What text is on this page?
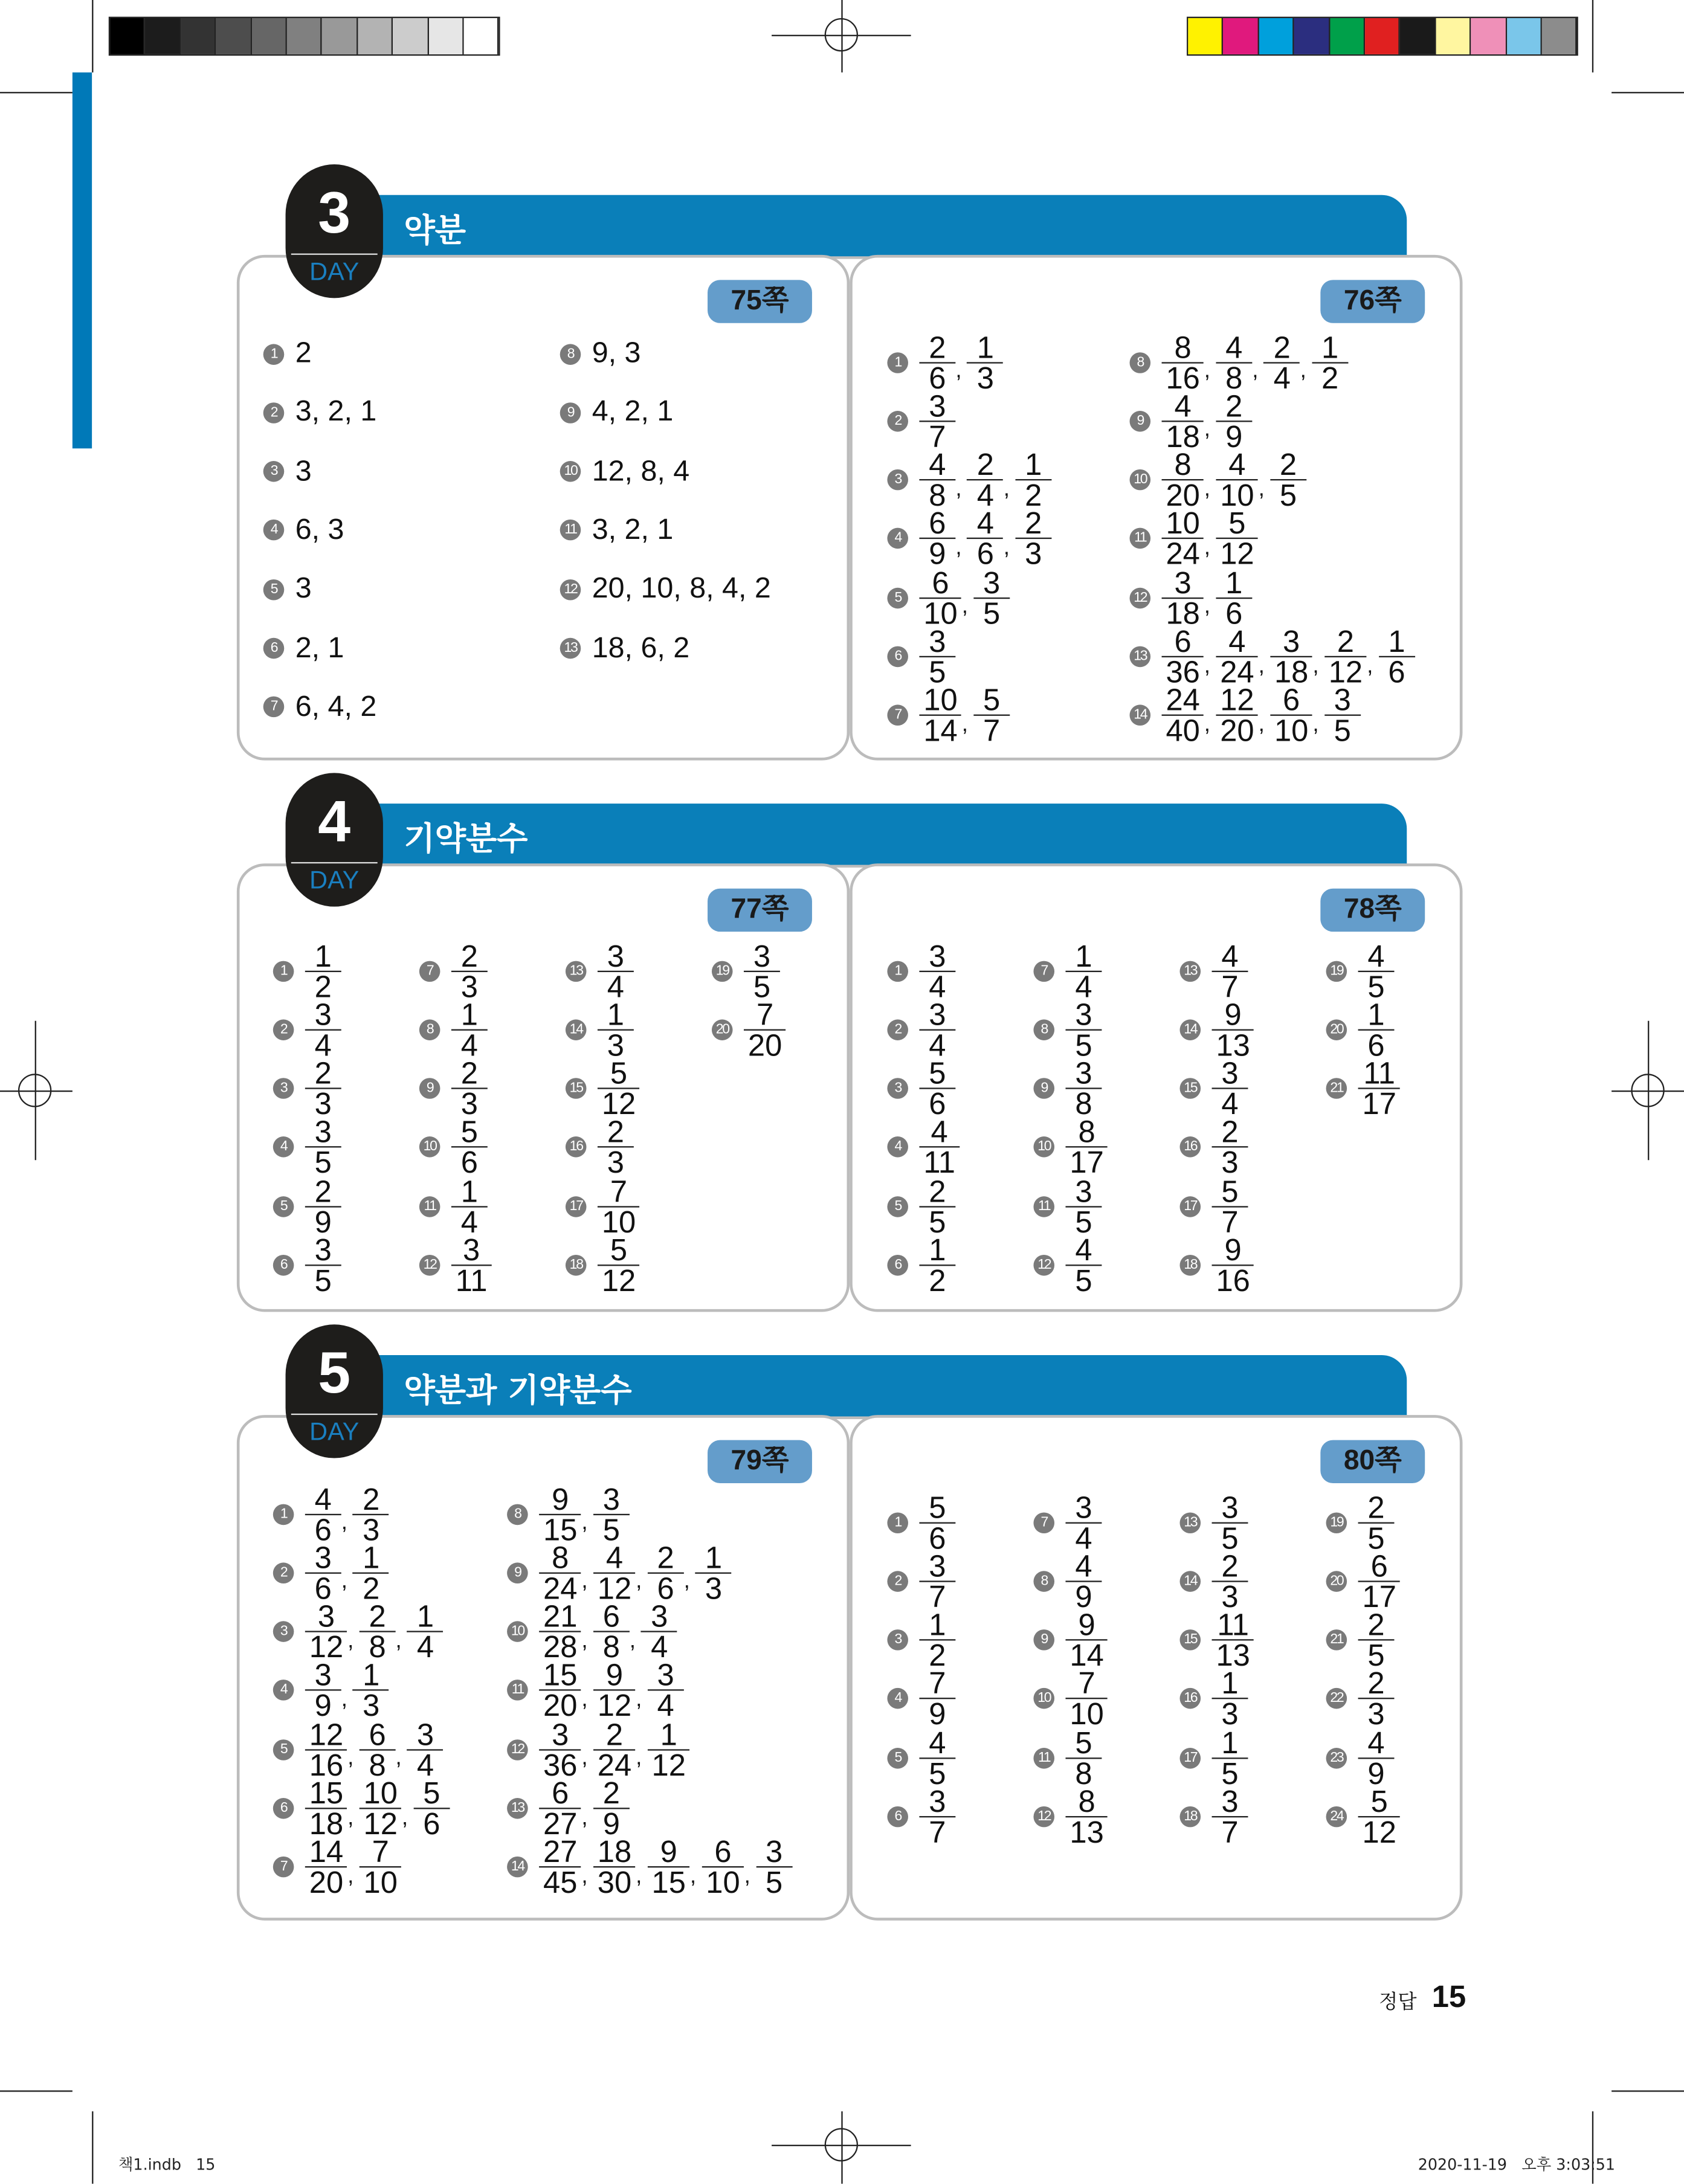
약분
75쪽
1	2
2	3, 2, 1
3	3
4	6, 3
5	3
6	2, 1
7	6, 4, 2
8	9, 3
9	4, 2, 1
10	12, 8, 4
11	3, 2, 1
12	20, 10, 8, 4, 2
13	18, 6, 2
76쪽
1	$\frac{2}{6}$ , $\frac{1}{3}$
2	$\frac{3}{7}$
3	$\frac{4}{8}$ , $\frac{2}{4}$ , $\frac{1}{2}$
4	$\frac{6}{9}$ , $\frac{4}{6}$ , $\frac{2}{3}$
5	$\frac{6}{10}$ , $\frac{3}{5}$
6	$\frac{3}{5}$
7	$\frac{10}{14}$ , $\frac{5}{7}$
8	$\frac{8}{16}$ , $\frac{4}{8}$ , $\frac{2}{4}$ , $\frac{1}{2}$
9	$\frac{4}{18}$ , $\frac{2}{9}$
10	$\frac{8}{20}$ , $\frac{4}{10}$ , $\frac{2}{5}$
11	$\frac{10}{24}$ , $\frac{5}{12}$
12	$\frac{3}{18}$ , $\frac{1}{6}$
13	$\frac{6}{36}$ , $\frac{4}{24}$ , $\frac{3}{18}$ , $\frac{2}{12}$ , $\frac{1}{6}$
14	$\frac{24}{40}$ , $\frac{12}{20}$ , $\frac{6}{10}$ , $\frac{3}{5}$
3
DAY
기약분수
77쪽
1	$\frac{1}{2}$
2	$\frac{3}{4}$
3	$\frac{2}{3}$
4	$\frac{3}{5}$
5	$\frac{2}{9}$
6	$\frac{3}{5}$
7	$\frac{2}{3}$
8	$\frac{1}{4}$
9	$\frac{2}{3}$
10	$\frac{5}{6}$
11	$\frac{1}{4}$
12	$\frac{3}{11}$
13	$\frac{3}{4}$
14	$\frac{1}{3}$
15	$\frac{5}{12}$
16	$\frac{2}{3}$
17	$\frac{7}{10}$
18	$\frac{5}{12}$
19	$\frac{3}{5}$
20	$\frac{7}{20}$
78쪽
1	$\frac{3}{4}$
2	$\frac{3}{4}$
3	$\frac{5}{6}$
4	$\frac{4}{11}$
5	$\frac{2}{5}$
6	$\frac{1}{2}$
7	$\frac{1}{4}$
8	$\frac{3}{5}$
9	$\frac{3}{8}$
10	$\frac{8}{17}$
11	$\frac{3}{5}$
12	$\frac{4}{5}$
13	$\frac{4}{7}$
14	$\frac{9}{13}$
15	$\frac{3}{4}$
16	$\frac{2}{3}$
17	$\frac{5}{7}$
18	$\frac{9}{16}$
19	$\frac{4}{5}$
20	$\frac{1}{6}$
21	$\frac{11}{17}$
4
DAY
약분과 기약분수
79쪽
1	$\frac{4}{6}$ , $\frac{2}{3}$
2	$\frac{3}{6}$ , $\frac{1}{2}$
3	$\frac{3}{12}$ , $\frac{2}{8}$ , $\frac{1}{4}$
4	$\frac{3}{9}$ , $\frac{1}{3}$
5	$\frac{12}{16}$ , $\frac{6}{8}$ , $\frac{3}{4}$
6	$\frac{15}{18}$ , $\frac{10}{12}$ , $\frac{5}{6}$
7	$\frac{14}{20}$ , $\frac{7}{10}$
8	$\frac{9}{15}$ , $\frac{3}{5}$
9	$\frac{8}{24}$ , $\frac{4}{12}$ , $\frac{2}{6}$ , $\frac{1}{3}$
10	$\frac{21}{28}$ , $\frac{6}{8}$ , $\frac{3}{4}$
11	$\frac{15}{20}$ , $\frac{9}{12}$ , $\frac{3}{4}$
12	$\frac{3}{36}$ , $\frac{2}{24}$ , $\frac{1}{12}$
13	$\frac{6}{27}$ , $\frac{2}{9}$
14	$\frac{27}{45}$ , $\frac{18}{30}$ , $\frac{9}{15}$ , $\frac{6}{10}$ , $\frac{3}{5}$
80쪽
1	$\frac{5}{6}$
2	$\frac{3}{7}$
3	$\frac{1}{2}$
4	$\frac{7}{9}$
5	$\frac{4}{5}$
6	$\frac{3}{7}$
7	$\frac{3}{4}$
8	$\frac{4}{9}$
9	$\frac{9}{14}$
10	$\frac{7}{10}$
11	$\frac{5}{8}$
12	$\frac{8}{13}$
13	$\frac{3}{5}$
14	$\frac{2}{3}$
15	$\frac{11}{13}$
16	$\frac{1}{3}$
17	$\frac{1}{5}$
18	$\frac{3}{7}$
19	$\frac{2}{5}$
20	$\frac{6}{17}$
21	$\frac{2}{5}$
22	$\frac{2}{3}$
23	$\frac{4}{9}$
24	$\frac{5}{12}$
5
DAY
정답 15
책1.indb   15	2020-11-19   오후 3:03:51
